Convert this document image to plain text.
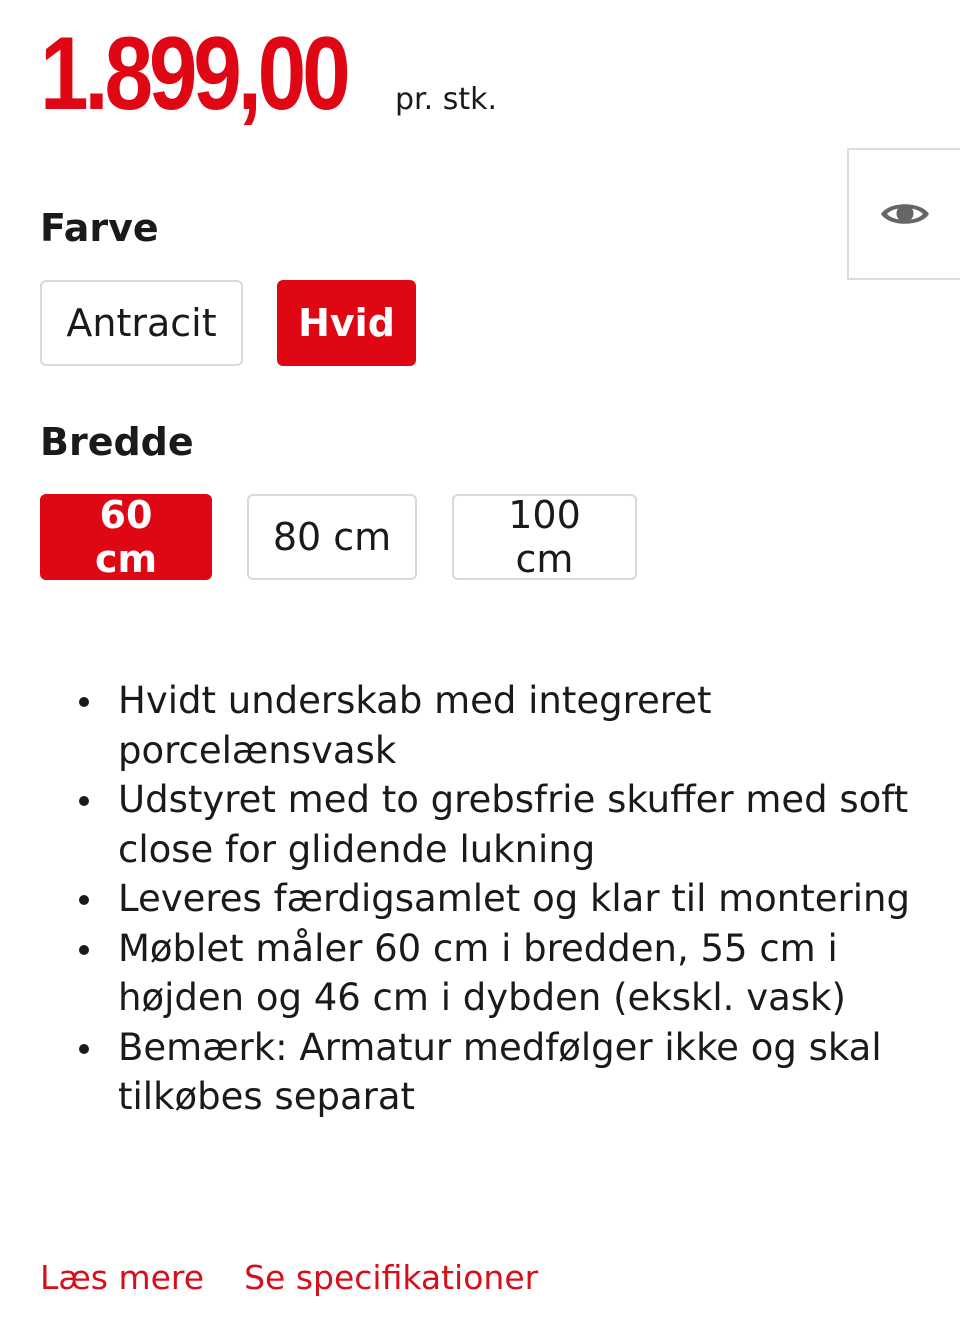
1.899,00 pr. stk.
Farve
Antracit	Hvid
Bredde
60 cm	80 cm	100 cm
Hvidt underskab med integreret porcelænsvask
Udstyret med to grebsfrie skuffer med soft close for glidende lukning
Leveres færdigsamlet og klar til montering
Møblet måler 60 cm i bredden, 55 cm i højden og 46 cm i dybden (ekskl. vask)
Bemærk: Armatur medfølger ikke og skal tilkøbes separat
Læs mere Se specifikationer
